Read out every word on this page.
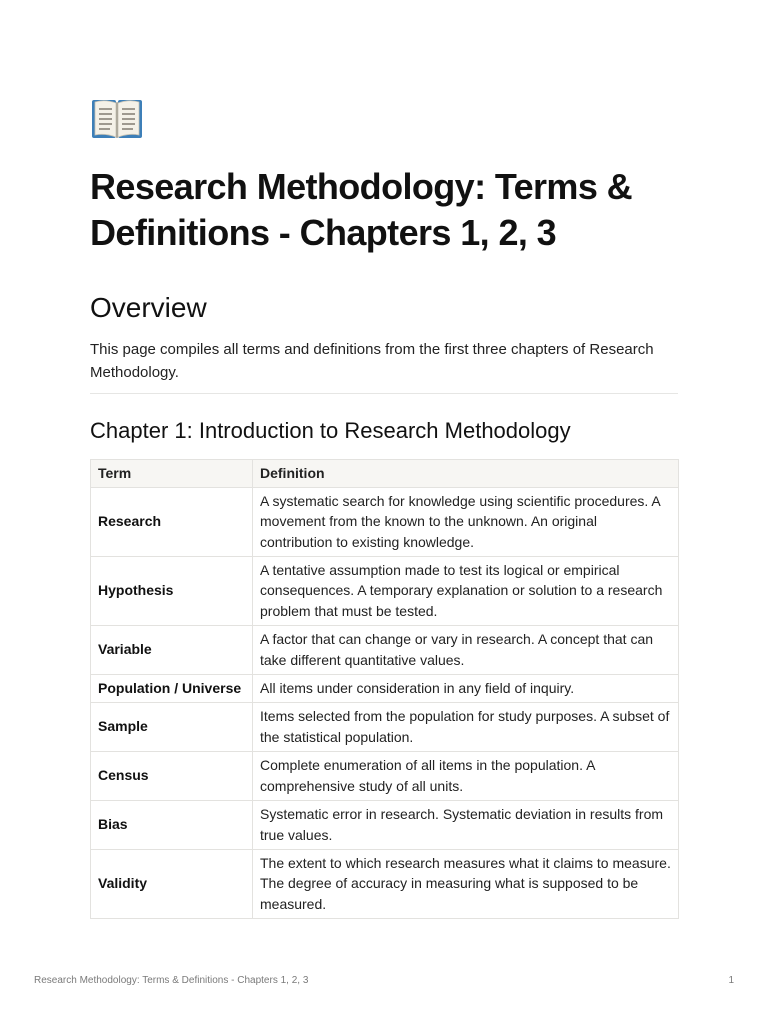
Research Methodology: Terms & Definitions - Chapters 1, 2, 3
Overview

This page compiles all terms and definitions from the first three chapters of Research Methodology.

Chapter 1: Introduction to Research Methodology
Term	Definition
Research	A systematic search for knowledge using scientific procedures. A movement from the known to the unknown. An original contribution to existing knowledge.
Hypothesis	A tentative assumption made to test its logical or empirical consequences. A temporary explanation or solution to a research problem that must be tested.
Variable	A factor that can change or vary in research. A concept that can take different quantitative values.
Population / Universe	All items under consideration in any field of inquiry.
Sample	Items selected from the population for study purposes. A subset of the statistical population.
Census	Complete enumeration of all items in the population. A comprehensive study of all units.
Bias	Systematic error in research. Systematic deviation in results from true values.
Validity	The extent to which research measures what it claims to measure. The degree of accuracy in measuring what is supposed to be measured.
Research Methodology: Terms & Definitions - Chapters 1, 2, 3	1
